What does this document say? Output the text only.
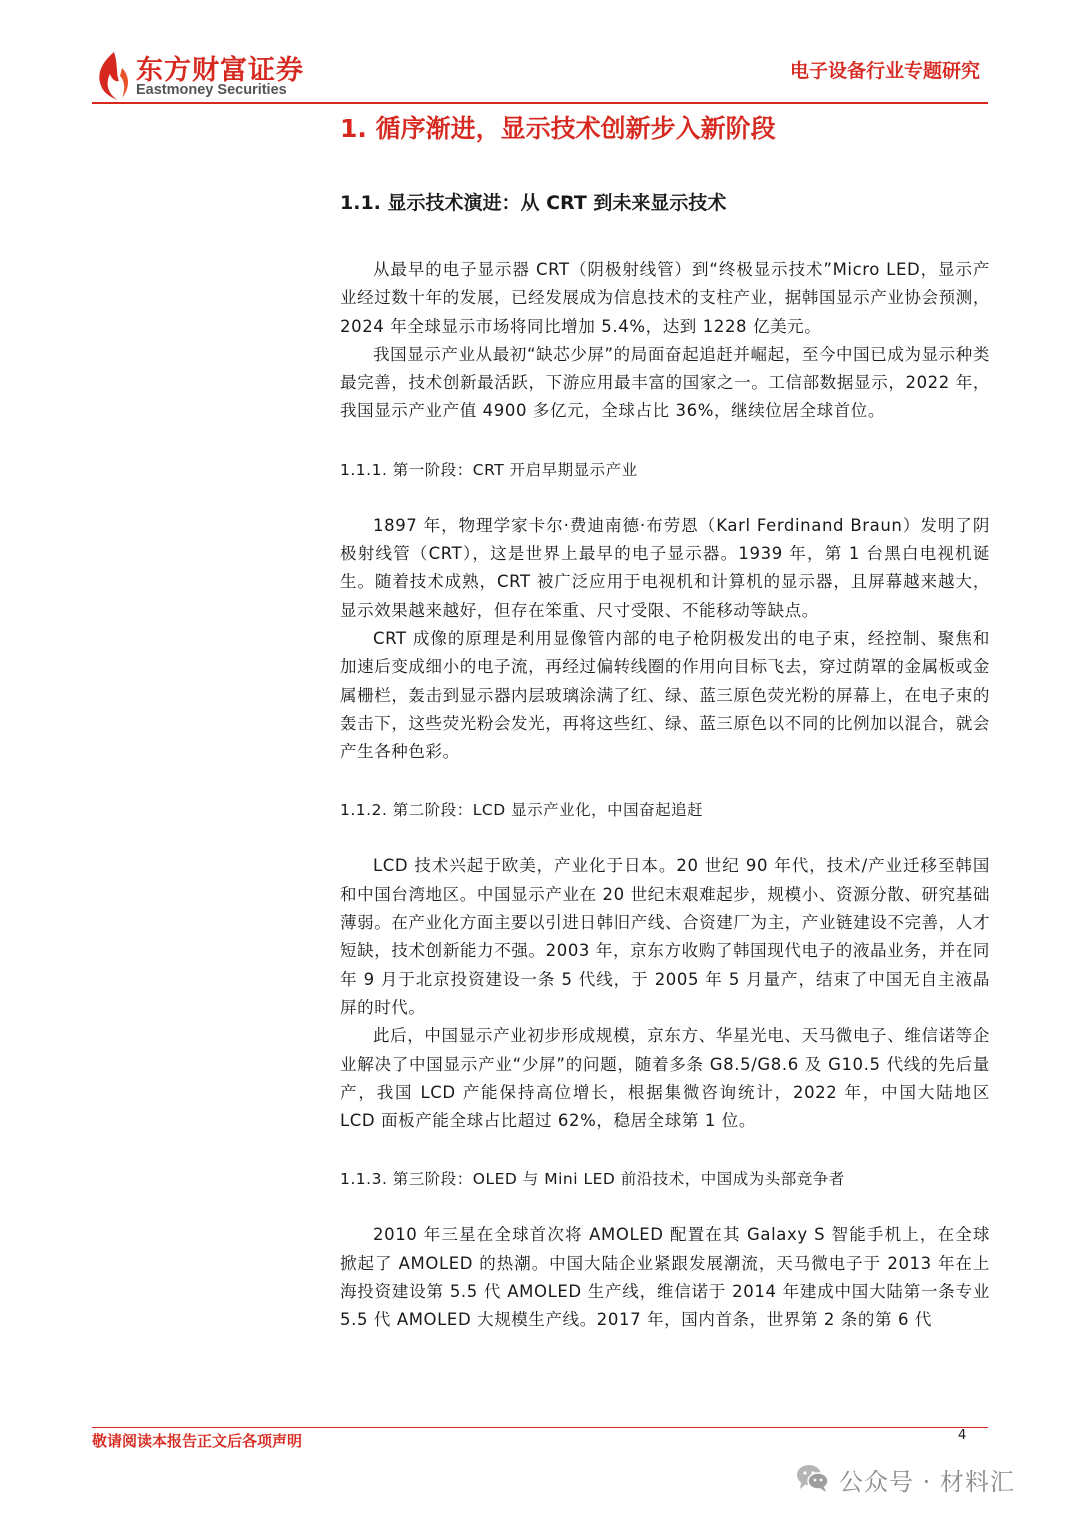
东方财富证券
Eastmoney Securities
电子设备行业专题研究
1. 循序渐进，显示技术创新步入新阶段
1.1. 显示技术演进：从 CRT 到未来显示技术

从最早的电子显示器 CRT（阴极射线管）到“终极显示技术”Micro LED，显示产业经过数十年的发展，已经发展成为信息技术的支柱产业，据韩国显示产业协会预测，2024 年全球显示市场将同比增加 5.4%，达到 1228 亿美元。

我国显示产业从最初“缺芯少屏”的局面奋起追赶并崛起，至今中国已成为显示种类最完善，技术创新最活跃，下游应用最丰富的国家之一。工信部数据显示，2022 年，我国显示产业产值 4900 多亿元，全球占比 36%，继续位居全球首位。

1.1.1. 第一阶段：CRT 开启早期显示产业

1897 年，物理学家卡尔·费迪南德·布劳恩（Karl Ferdinand Braun）发明了阴极射线管（CRT），这是世界上最早的电子显示器。1939 年，第 1 台黑白电视机诞生。随着技术成熟，CRT 被广泛应用于电视机和计算机的显示器，且屏幕越来越大，显示效果越来越好，但存在笨重、尺寸受限、不能移动等缺点。

CRT 成像的原理是利用显像管内部的电子枪阴极发出的电子束，经控制、聚焦和加速后变成细小的电子流，再经过偏转线圈的作用向目标飞去，穿过荫罩的金属板或金属栅栏，轰击到显示器内层玻璃涂满了红、绿、蓝三原色荧光粉的屏幕上，在电子束的轰击下，这些荧光粉会发光，再将这些红、绿、蓝三原色以不同的比例加以混合，就会产生各种色彩。

1.1.2. 第二阶段：LCD 显示产业化，中国奋起追赶

LCD 技术兴起于欧美，产业化于日本。20 世纪 90 年代，技术/产业迁移至韩国和中国台湾地区。中国显示产业在 20 世纪末艰难起步，规模小、资源分散、研究基础薄弱。在产业化方面主要以引进日韩旧产线、合资建厂为主，产业链建设不完善，人才短缺，技术创新能力不强。2003 年，京东方收购了韩国现代电子的液晶业务，并在同年 9 月于北京投资建设一条 5 代线，于 2005 年 5 月量产，结束了中国无自主液晶屏的时代。

此后，中国显示产业初步形成规模，京东方、华星光电、天马微电子、维信诺等企业解决了中国显示产业“少屏”的问题，随着多条 G8.5/G8.6 及 G10.5 代线的先后量产，我国 LCD 产能保持高位增长，根据集微咨询统计，2022 年，中国大陆地区 LCD 面板产能全球占比超过 62%，稳居全球第 1 位。

1.1.3. 第三阶段：OLED 与 Mini LED 前沿技术，中国成为头部竞争者

2010 年三星在全球首次将 AMOLED 配置在其 Galaxy S 智能手机上，在全球掀起了 AMOLED 的热潮。中国大陆企业紧跟发展潮流，天马微电子于 2013 年在上海投资建设第 5.5 代 AMOLED 生产线，维信诺于 2014 年建成中国大陆第一条专业 5.5 代 AMOLED 大规模生产线。2017 年，国内首条，世界第 2 条的第 6 代

敬请阅读本报告正文后各项声明	4
公众号 · 材料汇
